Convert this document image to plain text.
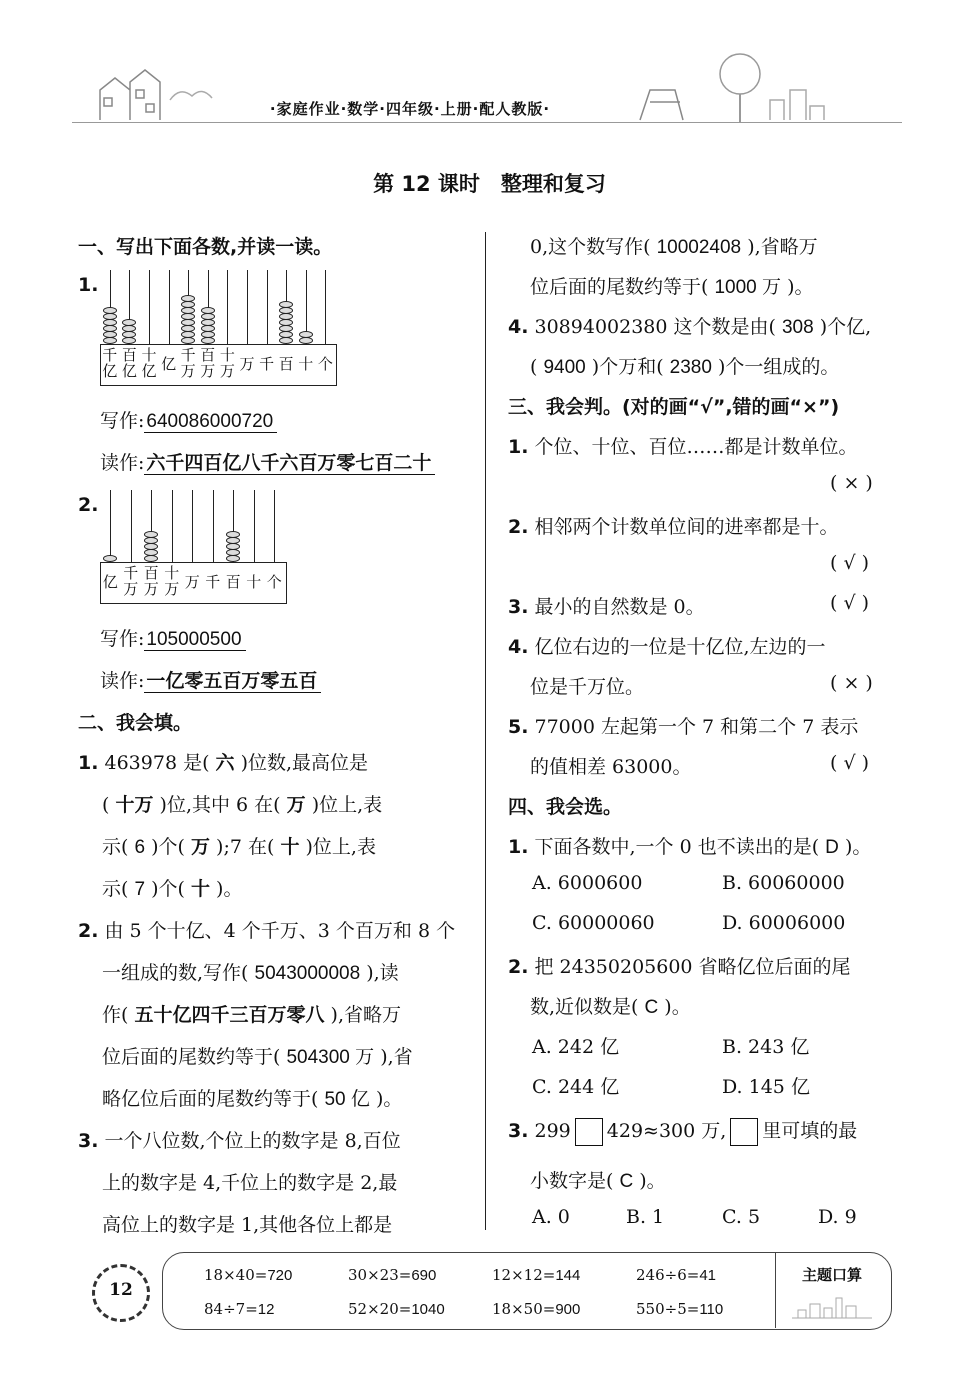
·家庭作业·数学·四年级·上册·配人教版·
第 12 课时　整理和复习
一、写出下面各数,并读一读。
1.
千
亿
百
亿
十
亿 亿 千
万
百
万
十
万 万 千 百 十 个
写作: 640086000720
读作: 六千四百亿八千六百万零七百二十
2.
亿 千
万
百
万
十
万 万 千 百 十 个
写作: 105000500
读作: 一亿零五百万零五百
二、我会填。
1. 463978 是( 六 )位数,最高位是
( 十万 )位,其中 6 在( 万 )位上,表
示( 6 )个( 万 );7 在( 十 )位上,表
示( 7 )个( 十 )。
2. 由 5 个十亿、4 个千万、3 个百万和 8 个
一组成的数,写作( 5043000008 ),读
作( 五十亿四千三百万零八 ),省略万
位后面的尾数约等于( 504300 万 ),省
略亿位后面的尾数约等于( 50 亿 )。
3. 一个八位数,个位上的数字是 8,百位
上的数字是 4,千位上的数字是 2,最
高位上的数字是 1,其他各位上都是
0,这个数写作( 10002408 ),省略万
位后面的尾数约等于( 1000 万 )。
4. 30894002380 这个数是由( 308 )个亿,
( 9400 )个万和( 2380 )个一组成的。
三、我会判。(对的画“√”,错的画“×”)
1. 个位、十位、百位……都是计数单位。
( × )
2. 相邻两个计数单位间的进率都是十。
( √ )
3. 最小的自然数是 0。	( √ )
4. 亿位右边的一位是十亿位,左边的一
位是千万位。	( × )
5. 77000 左起第一个 7 和第二个 7 表示
的值相差 63000。	( √ )
四、我会选。
1. 下面各数中,一个 0 也不读出的是( D )。
A. 6000600	B. 60060000
C. 60000060	D. 60006000
2. 把 24350205600 省略亿位后面的尾
数,近似数是( C )。
A. 242 亿	B. 243 亿
C. 244 亿	D. 145 亿
3. 299 429≈300 万, 里可填的最
小数字是( C )。
A. 0	B. 1	C. 5	D. 9
12
主题口算
18×40=720	30×23=690	12×12=144	246÷6=41
84÷7=12	52×20=1040	18×50=900	550÷5=110
